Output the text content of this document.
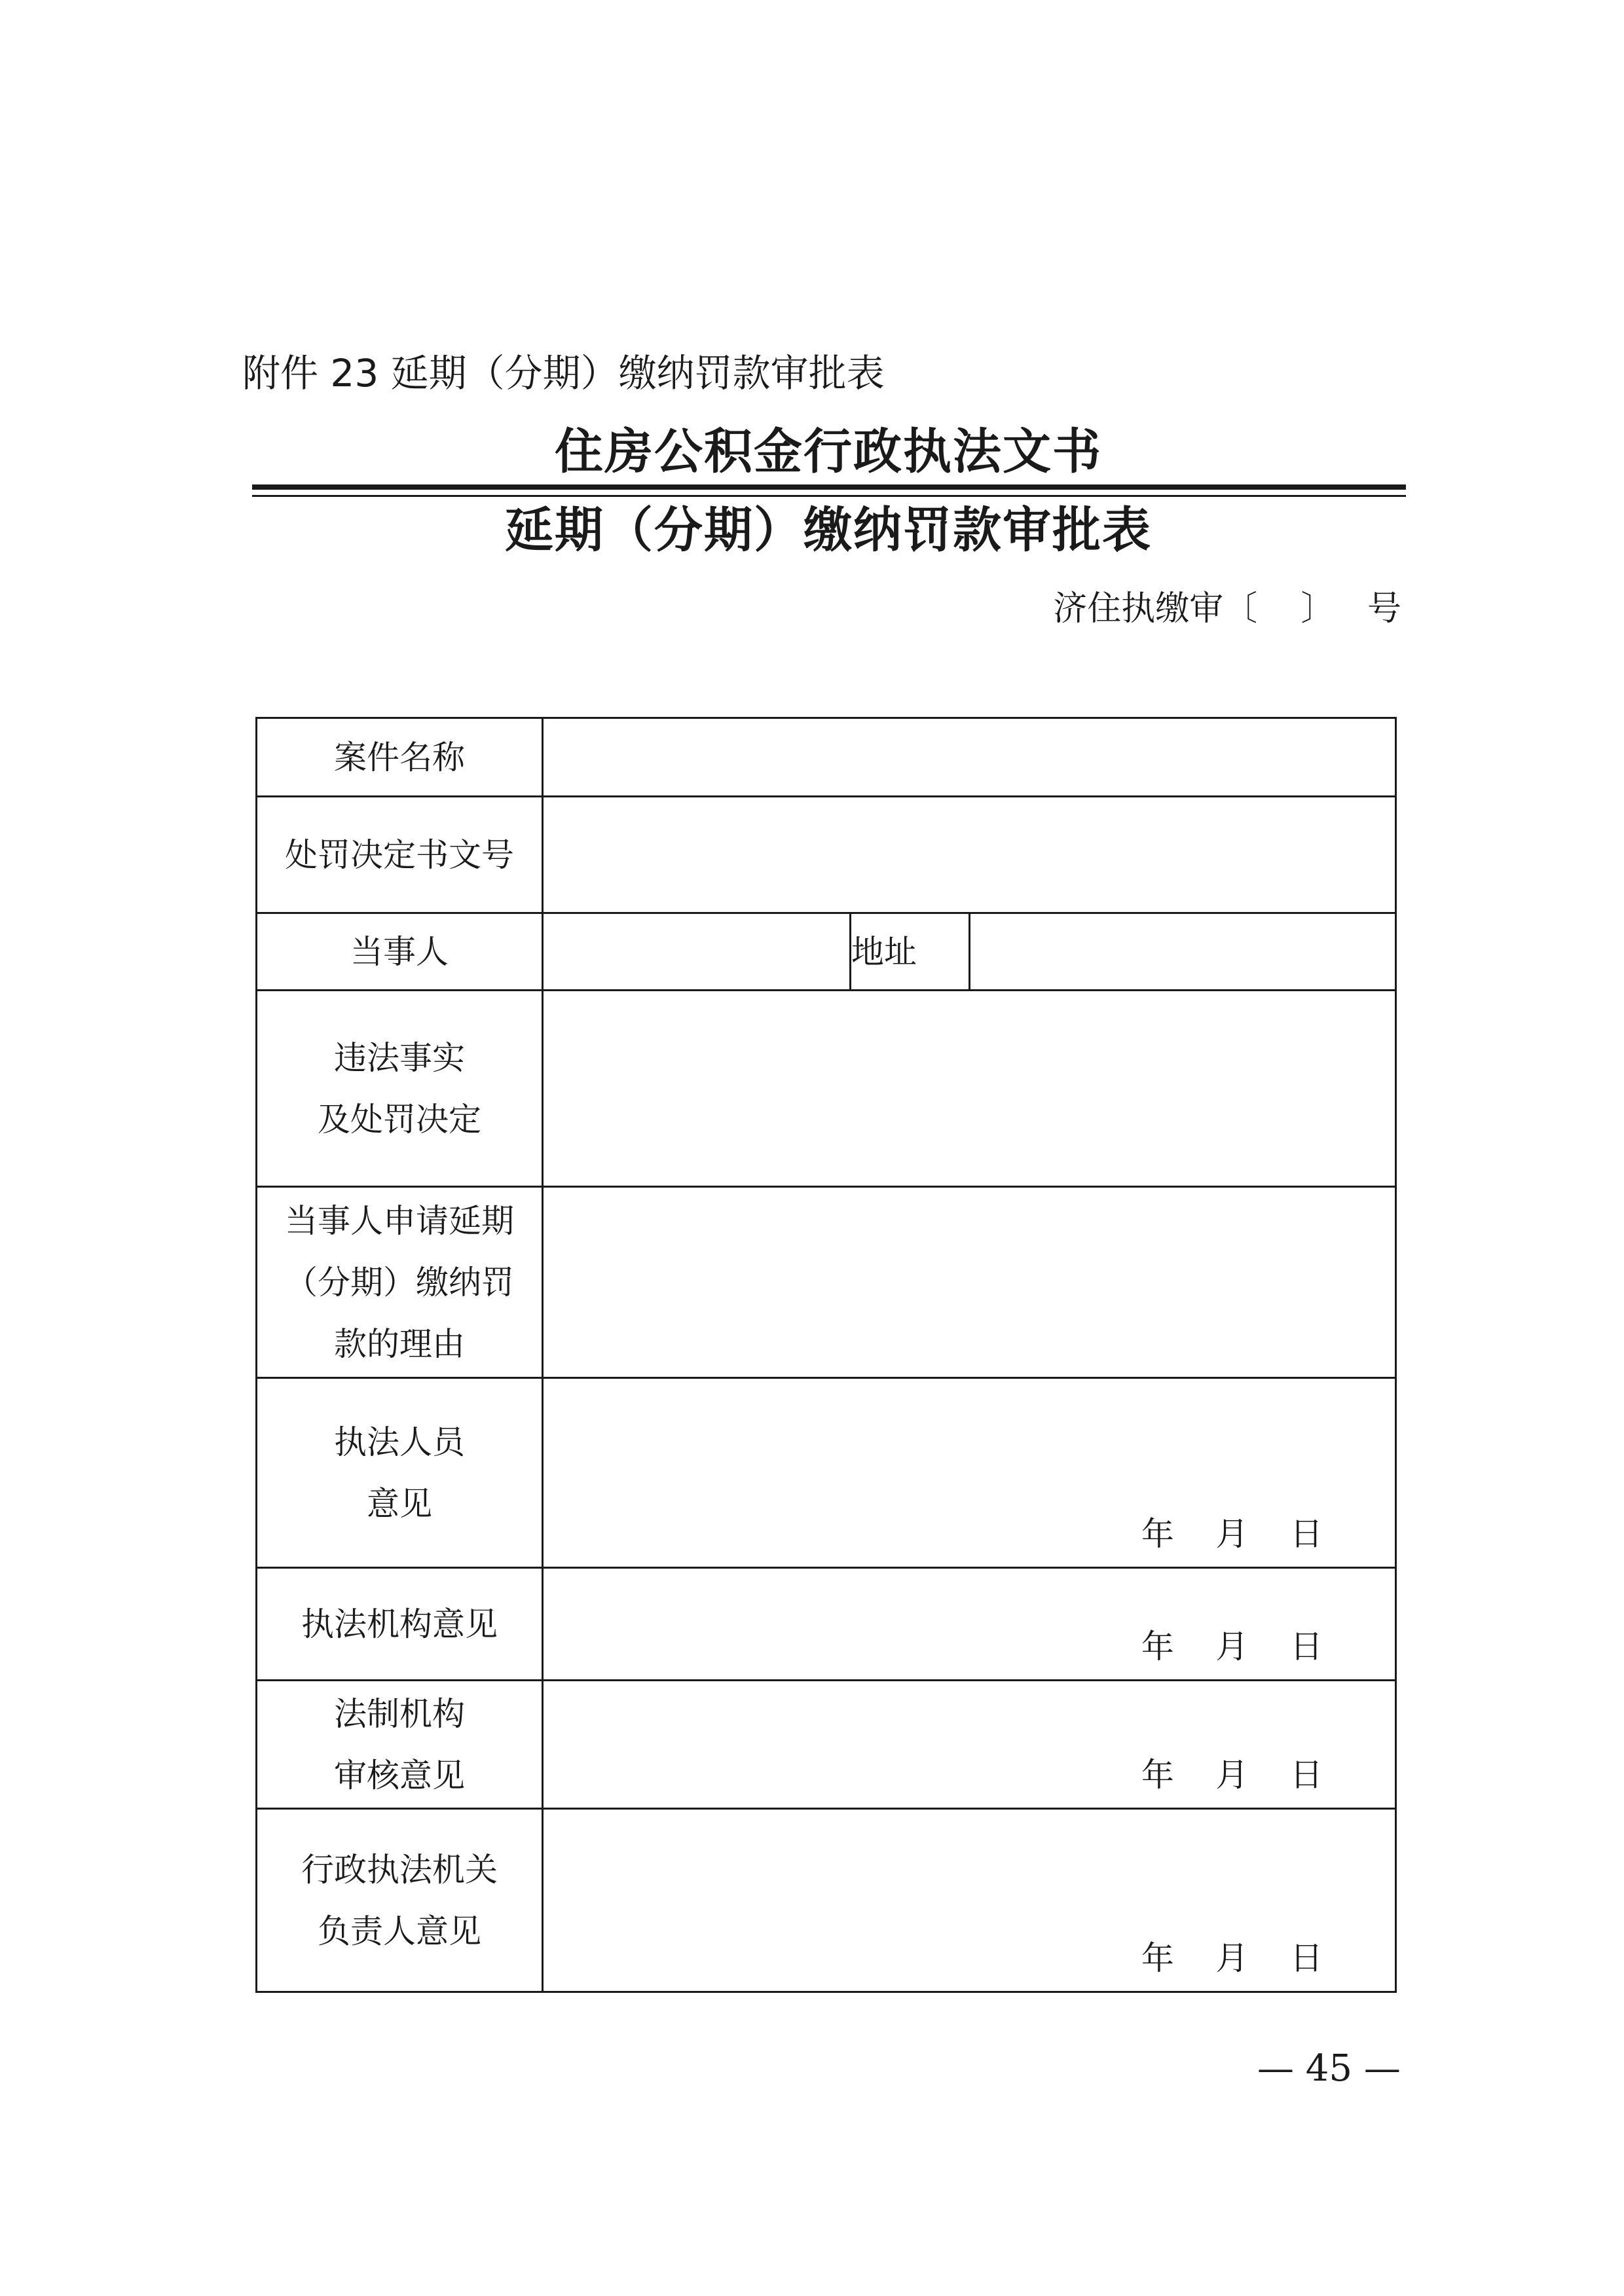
附件 23 延期（分期）缴纳罚款审批表
住房公积金行政执法文书
延期（分期）缴纳罚款审批表
济住执缴审〔    〕   号
案件名称			
处罚决定书文号			
当事人		地址	

违法事实
及处罚决定			

当事人申请延期
（分期）缴纳罚
款的理由			

执法人员
意见	年    月    日		

执法机构意见	年    月    日		

法制机构
审核意见	年    月    日		

行政执法机关
负责人意见	年    月    日		
— 45 —
